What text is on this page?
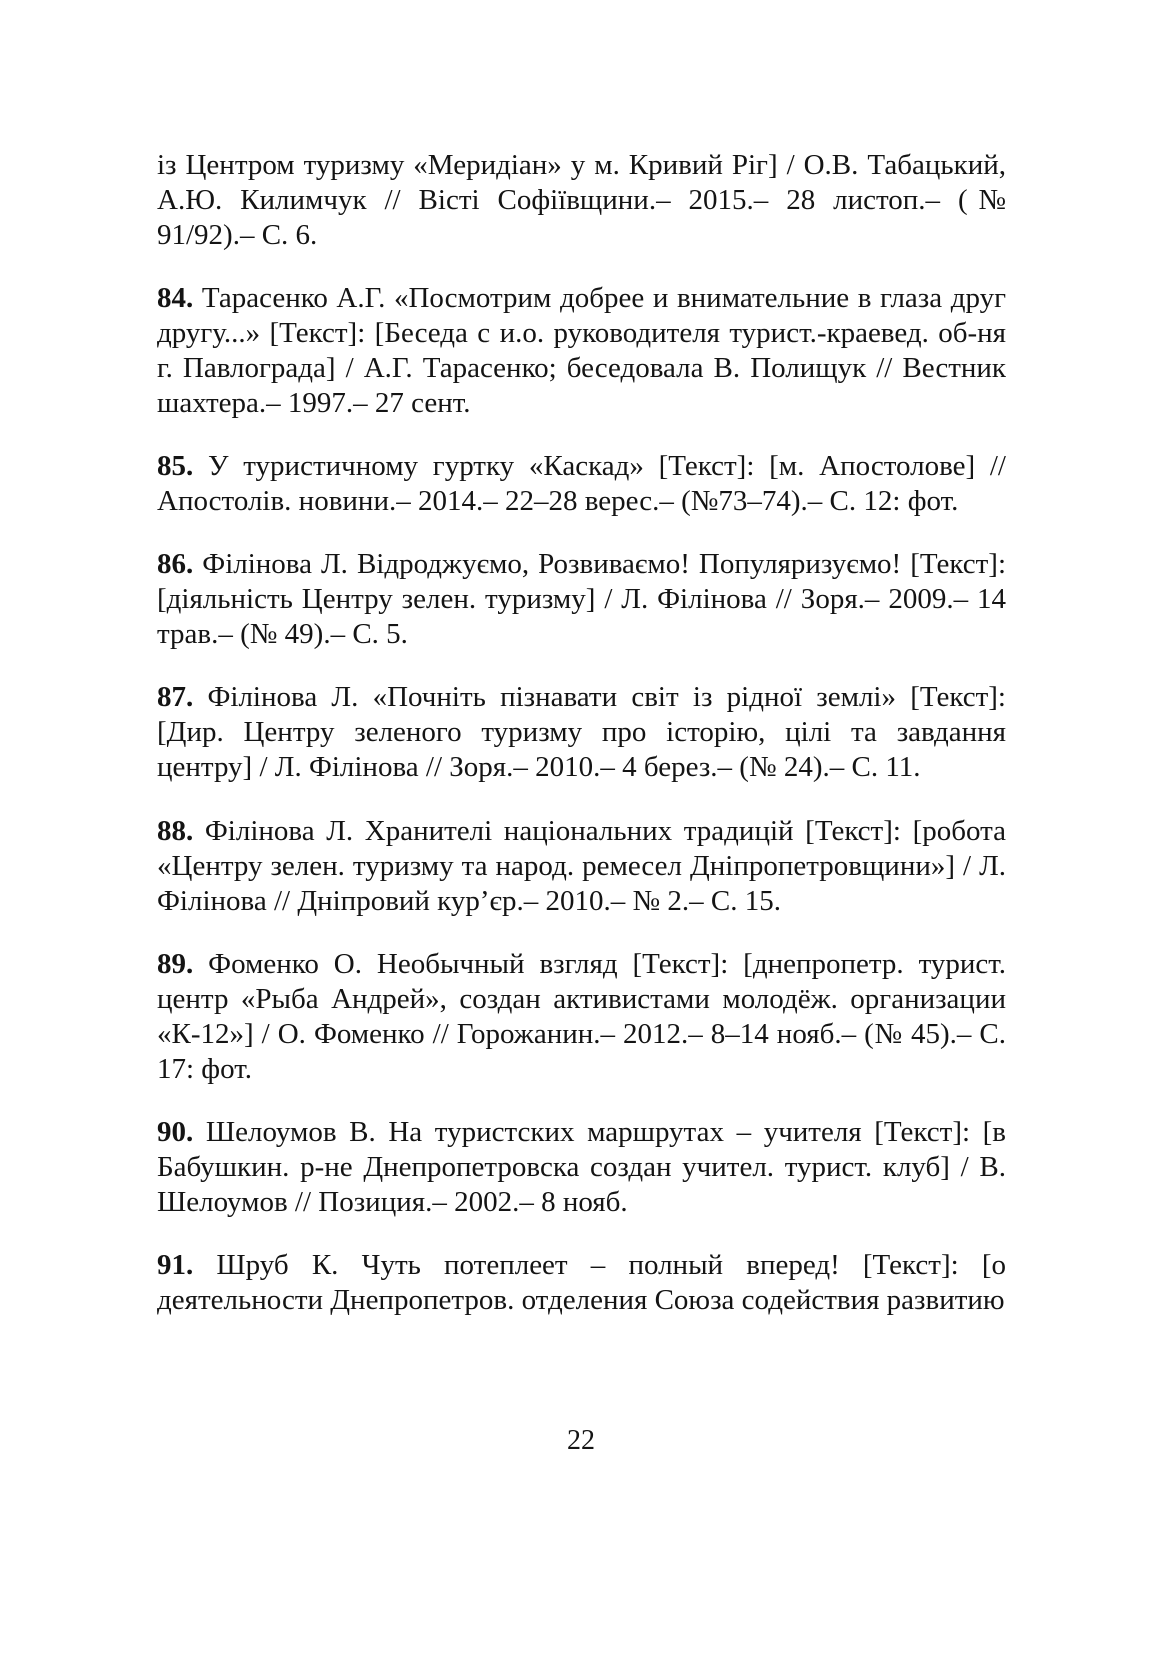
із Центром туризму «Меридіан» у м. Кривий Ріг] / О.В. Табацький, А.Ю. Килимчук // Вісті Софіївщини.– 2015.– 28 листоп.– (№ 91/92).– С. 6.

84. Тарасенко А.Г. «Посмотрим добрее и внимательние в глаза друг другу...» [Текст]: [Беседа с и.о. руководителя турист.-краевед. об-ня г. Павлограда] / А.Г. Тарасенко; беседовала В. Полищук // Вестник шахтера.– 1997.– 27 сент.

85. У туристичному гуртку «Каскад» [Текст]: [м. Апостолове] // Апостолів. новини.– 2014.– 22–28 верес.– (№73–74).– С. 12: фот.

86. Філінова Л. Відроджуємо, Розвиваємо! Популяризуємо! [Текст]: [діяльність Центру зелен. туризму] / Л. Філінова // Зоря.– 2009.– 14 трав.– (№ 49).– С. 5.

87. Філінова Л. «Почніть пізнавати світ із рідної землі» [Текст]: [Дир. Центру зеленого туризму про історію, цілі та завдання центру] / Л. Філінова // Зоря.– 2010.– 4 берез.– (№ 24).– С. 11.

88. Філінова Л. Хранителі національних традицій [Текст]: [робота «Центру зелен. туризму та народ. ремесел Дніпропетровщини»] / Л. Філінова // Дніпровий кур’єр.– 2010.– № 2.– С. 15.

89. Фоменко О. Необычный взгляд [Текст]: [днепропетр. турист. центр «Рыба Андрей», создан активистами молодёж. организации «К-12»] / О. Фоменко // Горожанин.– 2012.– 8–14 нояб.– (№ 45).– С. 17: фот.

90. Шелоумов В. На туристских маршрутах – учителя [Текст]: [в Бабушкин. р-не Днепропетровска создан учител. турист. клуб] / В. Шелоумов // Позиция.– 2002.– 8 нояб.

91. Шруб К. Чуть потеплеет – полный вперед! [Текст]: [о деятельности Днепропетров. отделения Союза содействия развитию

22
